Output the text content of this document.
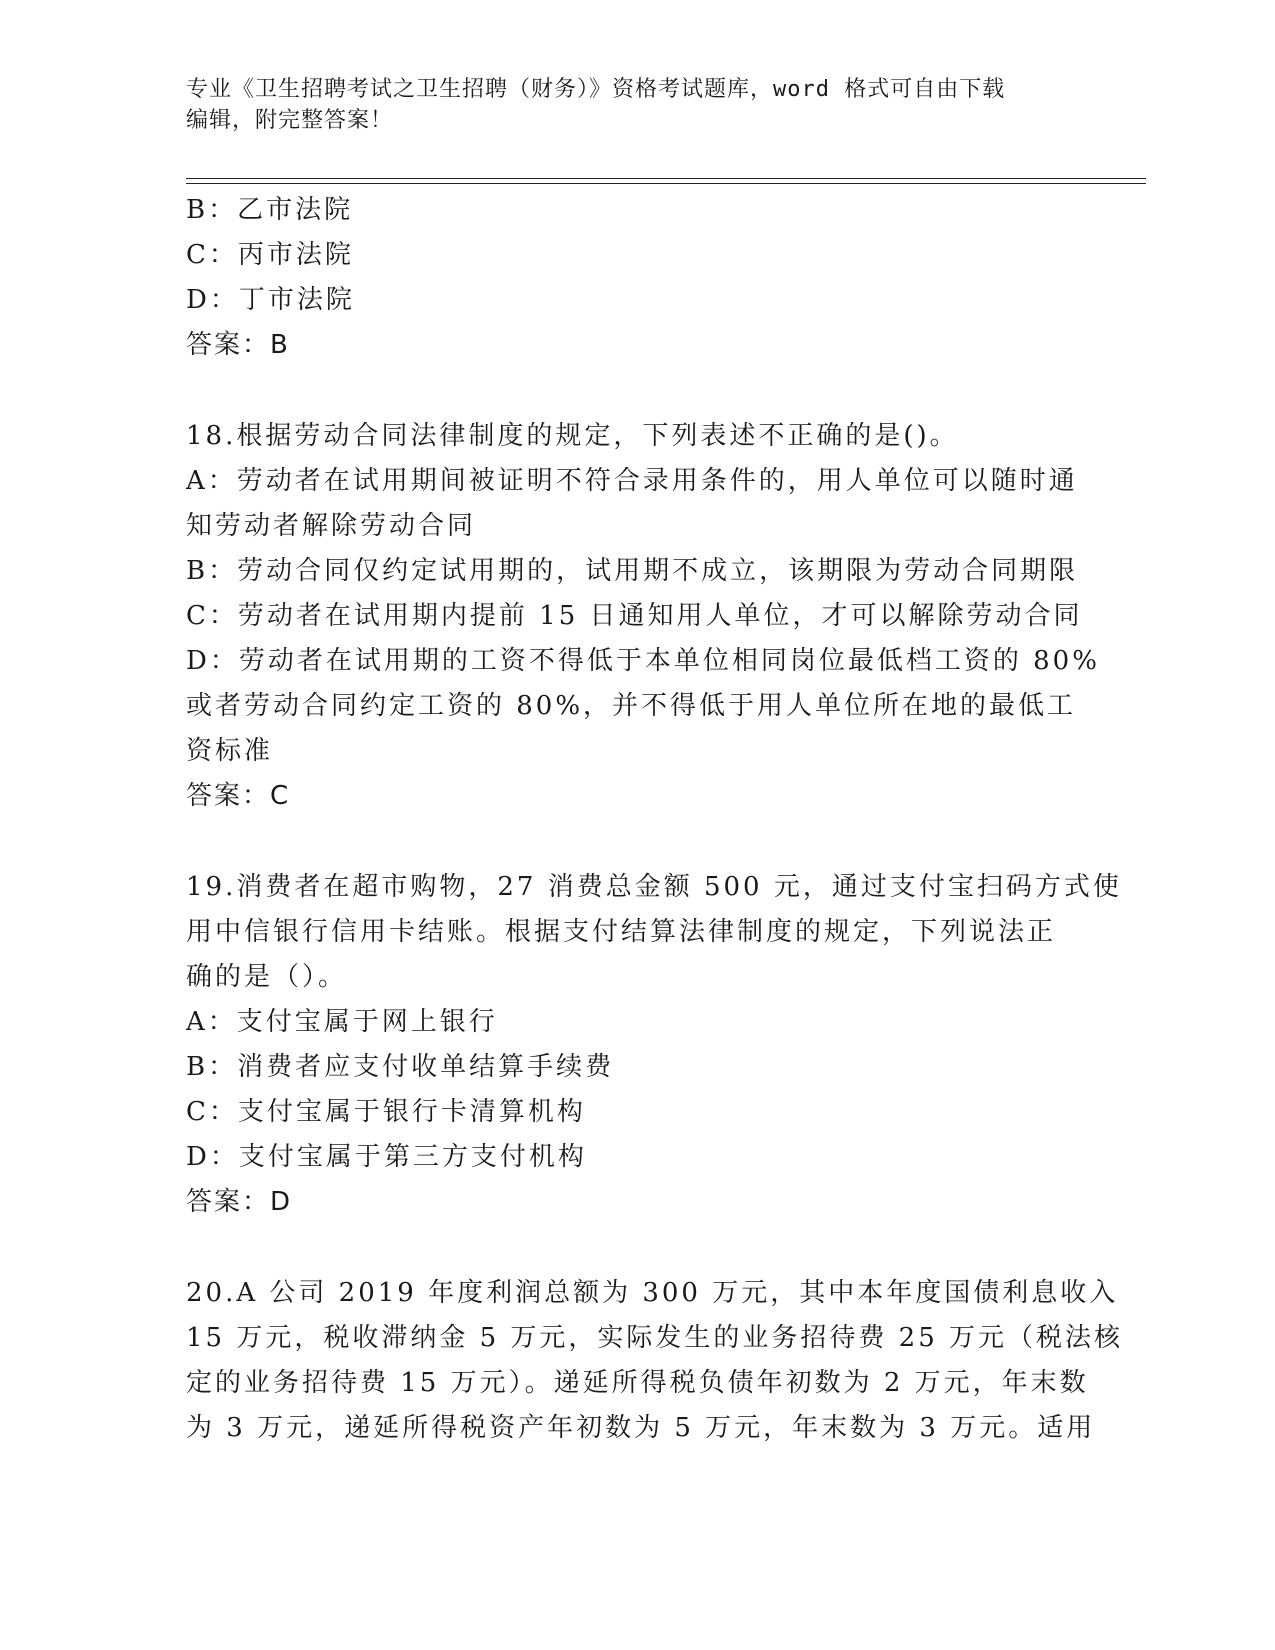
专业《卫生招聘考试之卫生招聘（财务）》资格考试题库，word 格式可自由下载
编辑，附完整答案！
B：乙市法院
C：丙市法院
D：丁市法院
答案：B
18.根据劳动合同法律制度的规定，下列表述不正确的是()。
A：劳动者在试用期间被证明不符合录用条件的，用人单位可以随时通
知劳动者解除劳动合同
B：劳动合同仅约定试用期的，试用期不成立，该期限为劳动合同期限
C：劳动者在试用期内提前 15 日通知用人单位，才可以解除劳动合同
D：劳动者在试用期的工资不得低于本单位相同岗位最低档工资的 80%
或者劳动合同约定工资的 80%，并不得低于用人单位所在地的最低工
资标准
答案：C
19.消费者在超市购物，27 消费总金额 500 元，通过支付宝扫码方式使
用中信银行信用卡结账。根据支付结算法律制度的规定，下列说法正
确的是（）。
A：支付宝属于网上银行
B：消费者应支付收单结算手续费
C：支付宝属于银行卡清算机构
D：支付宝属于第三方支付机构
答案：D
20.A 公司 2019 年度利润总额为 300 万元，其中本年度国债利息收入
15 万元，税收滞纳金 5 万元，实际发生的业务招待费 25 万元（税法核
定的业务招待费 15 万元）。递延所得税负债年初数为 2 万元，年末数
为 3 万元，递延所得税资产年初数为 5 万元，年末数为 3 万元。适用
